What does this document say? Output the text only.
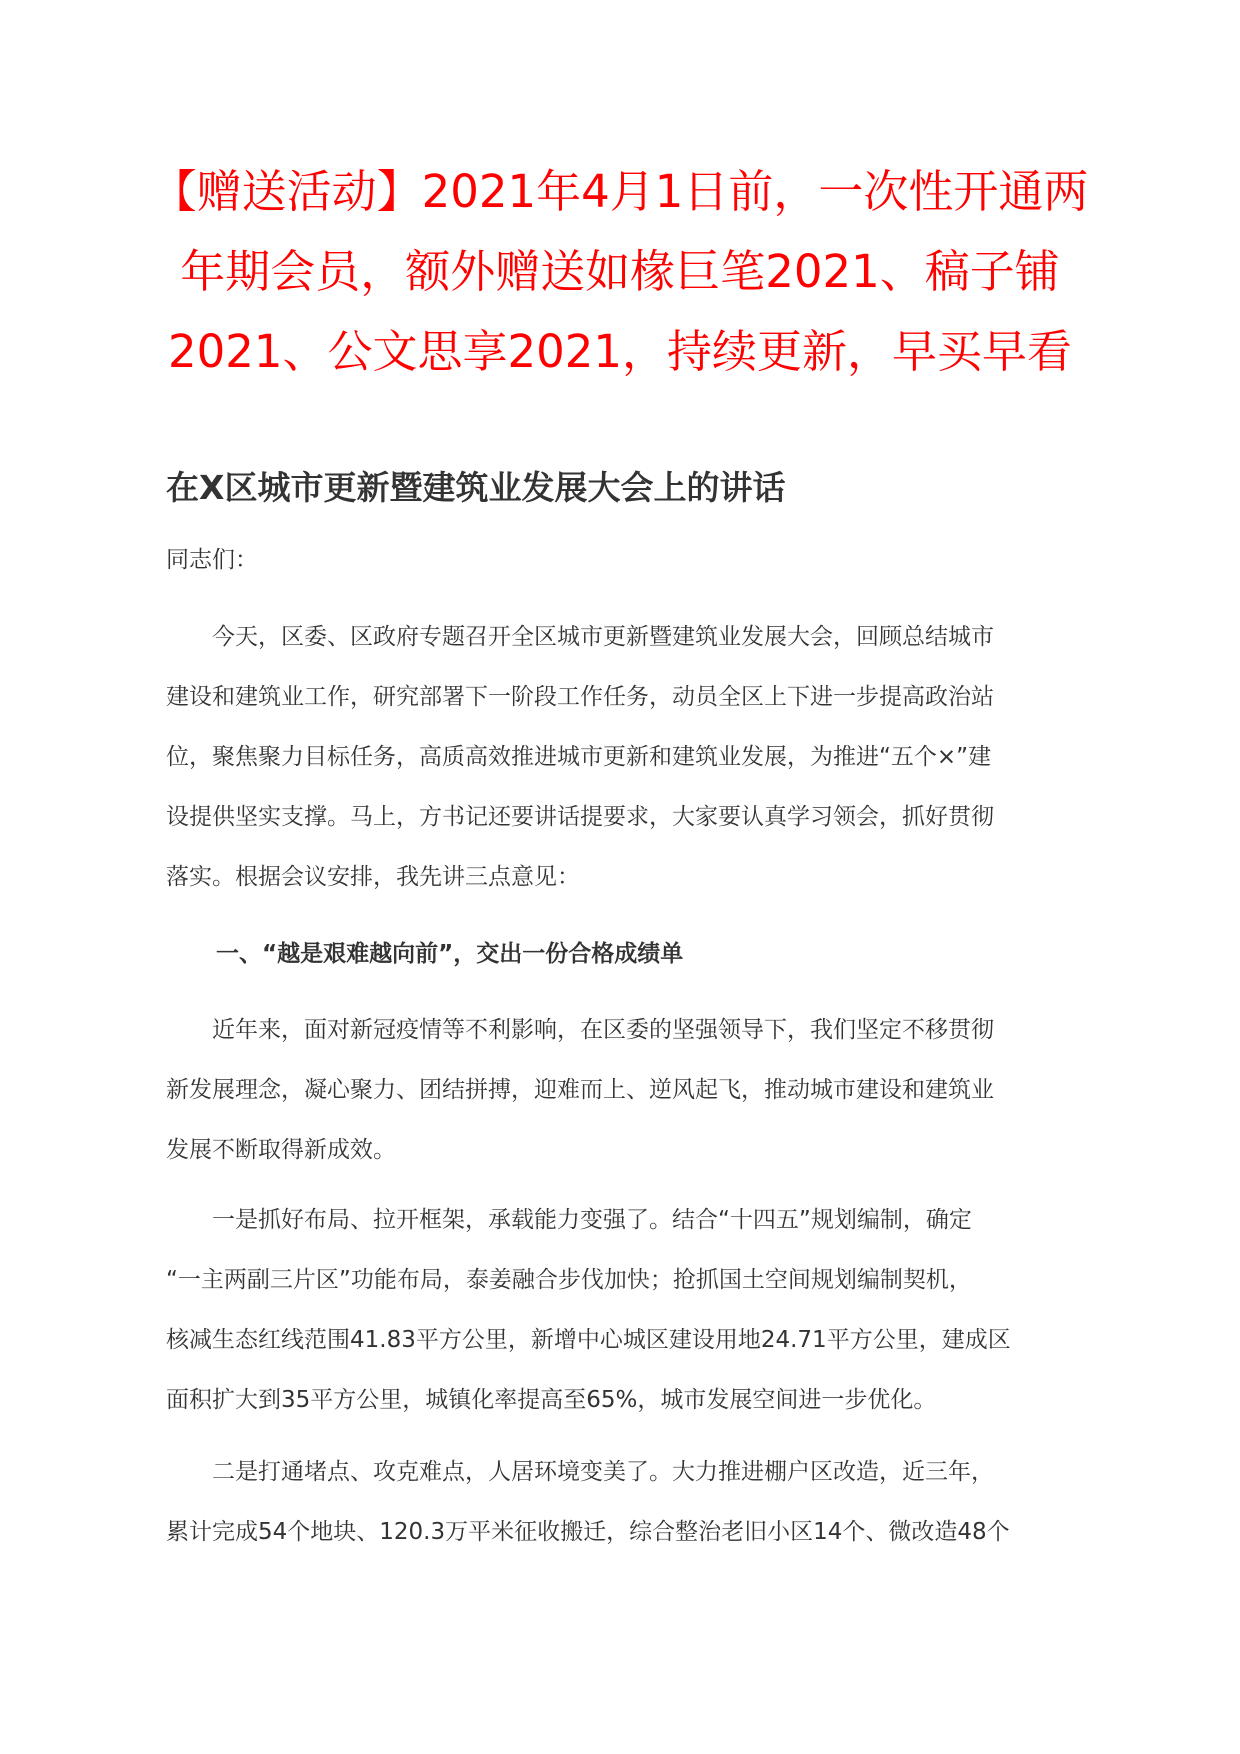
【赠送活动】2021年4月1日前，一次性开通两
年期会员，额外赠送如椽巨笔2021、稿子铺
2021、公文思享2021，持续更新，早买早看
在X区城市更新暨建筑业发展大会上的讲话
同志们：
　　今天，区委、区政府专题召开全区城市更新暨建筑业发展大会，回顾总结城市
建设和建筑业工作，研究部署下一阶段工作任务，动员全区上下进一步提高政治站
位，聚焦聚力目标任务，高质高效推进城市更新和建筑业发展，为推进“五个×”建
设提供坚实支撑。马上，方书记还要讲话提要求，大家要认真学习领会，抓好贯彻
落实。根据会议安排，我先讲三点意见：
一、“越是艰难越向前”，交出一份合格成绩单
　　近年来，面对新冠疫情等不利影响，在区委的坚强领导下，我们坚定不移贯彻
新发展理念，凝心聚力、团结拼搏，迎难而上、逆风起飞，推动城市建设和建筑业
发展不断取得新成效。
　　一是抓好布局、拉开框架，承载能力变强了。结合“十四五”规划编制，确定
“一主两副三片区”功能布局，泰姜融合步伐加快；抢抓国土空间规划编制契机，
核减生态红线范围41.83平方公里，新增中心城区建设用地24.71平方公里，建成区
面积扩大到35平方公里，城镇化率提高至65%，城市发展空间进一步优化。
　　二是打通堵点、攻克难点，人居环境变美了。大力推进棚户区改造，近三年，
累计完成54个地块、120.3万平米征收搬迁，综合整治老旧小区14个、微改造48个
